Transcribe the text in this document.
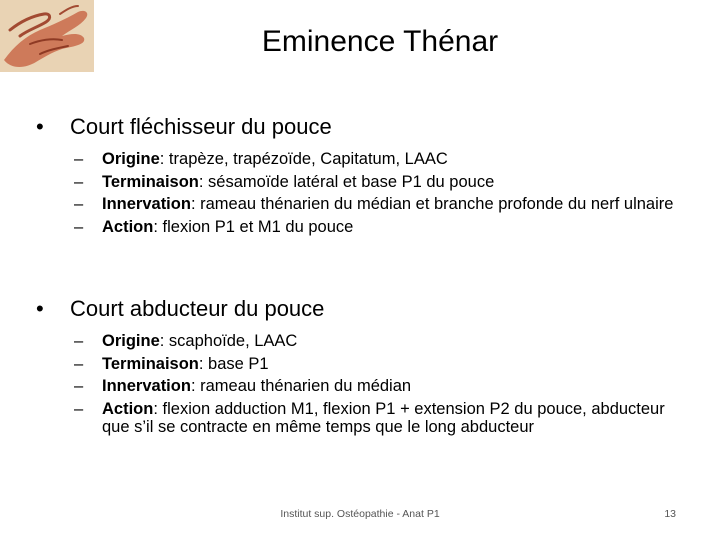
Eminence Thénar
• Court fléchisseur du pouce
– Origine: trapèze, trapézoïde, Capitatum, LAAC
– Terminaison: sésamoïde latéral et base P1 du pouce
– Innervation: rameau thénarien du médian et branche profonde du nerf ulnaire
– Action: flexion P1 et M1 du pouce
• Court abducteur du pouce
– Origine: scaphoïde, LAAC
– Terminaison: base P1
– Innervation: rameau thénarien du médian
– Action: flexion adduction M1, flexion P1 + extension P2 du pouce, abducteur que s’il se contracte en même temps que le long abducteur
Institut sup. Ostéopathie - Anat P1	13
